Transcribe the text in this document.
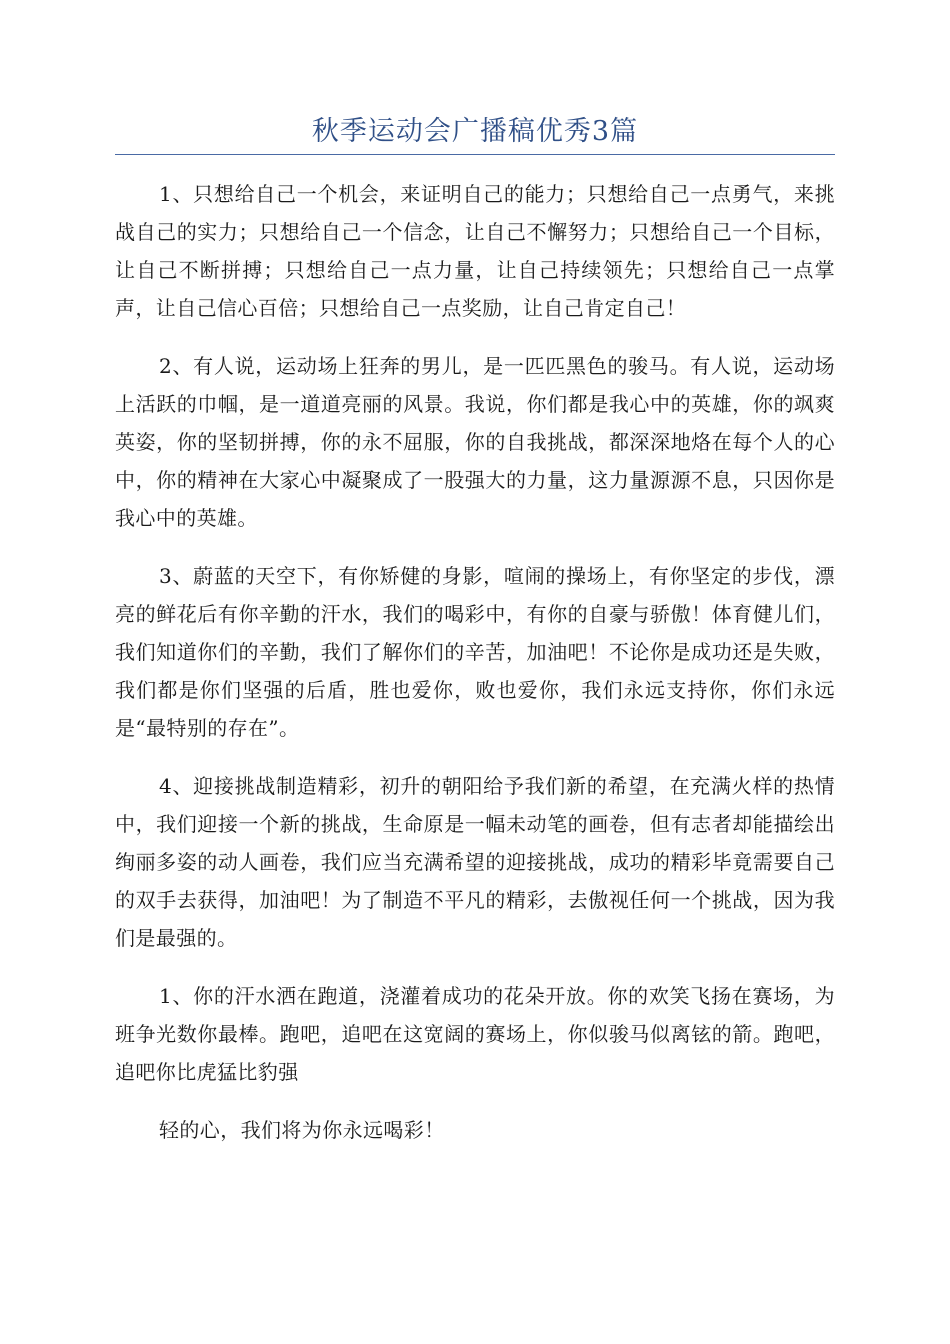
秋季运动会广播稿优秀3篇

1、只想给自己一个机会，来证明自己的能力；只想给自己一点勇气，来挑战自己的实力；只想给自己一个信念，让自己不懈努力；只想给自己一个目标，让自己不断拼搏；只想给自己一点力量，让自己持续领先；只想给自己一点掌声，让自己信心百倍；只想给自己一点奖励，让自己肯定自己！

2、有人说，运动场上狂奔的男儿，是一匹匹黑色的骏马。有人说，运动场上活跃的巾帼，是一道道亮丽的风景。我说，你们都是我心中的英雄，你的飒爽英姿，你的坚韧拼搏，你的永不屈服，你的自我挑战，都深深地烙在每个人的心中，你的精神在大家心中凝聚成了一股强大的力量，这力量源源不息，只因你是我心中的英雄。

3、蔚蓝的天空下，有你矫健的身影，喧闹的操场上，有你坚定的步伐，漂亮的鲜花后有你辛勤的汗水，我们的喝彩中，有你的自豪与骄傲！体育健儿们，我们知道你们的辛勤，我们了解你们的辛苦，加油吧！不论你是成功还是失败，我们都是你们坚强的后盾，胜也爱你，败也爱你，我们永远支持你，你们永远是“最特别的存在”。

4、迎接挑战制造精彩，初升的朝阳给予我们新的希望，在充满火样的热情中，我们迎接一个新的挑战，生命原是一幅未动笔的画卷，但有志者却能描绘出绚丽多姿的动人画卷，我们应当充满希望的迎接挑战，成功的精彩毕竟需要自己的双手去获得，加油吧！为了制造不平凡的精彩，去傲视任何一个挑战，因为我们是最强的。

1、你的汗水洒在跑道，浇灌着成功的花朵开放。你的欢笑飞扬在赛场，为班争光数你最棒。跑吧，追吧在这宽阔的赛场上，你似骏马似离铉的箭。跑吧，追吧你比虎猛比豹强

轻的心，我们将为你永远喝彩！
